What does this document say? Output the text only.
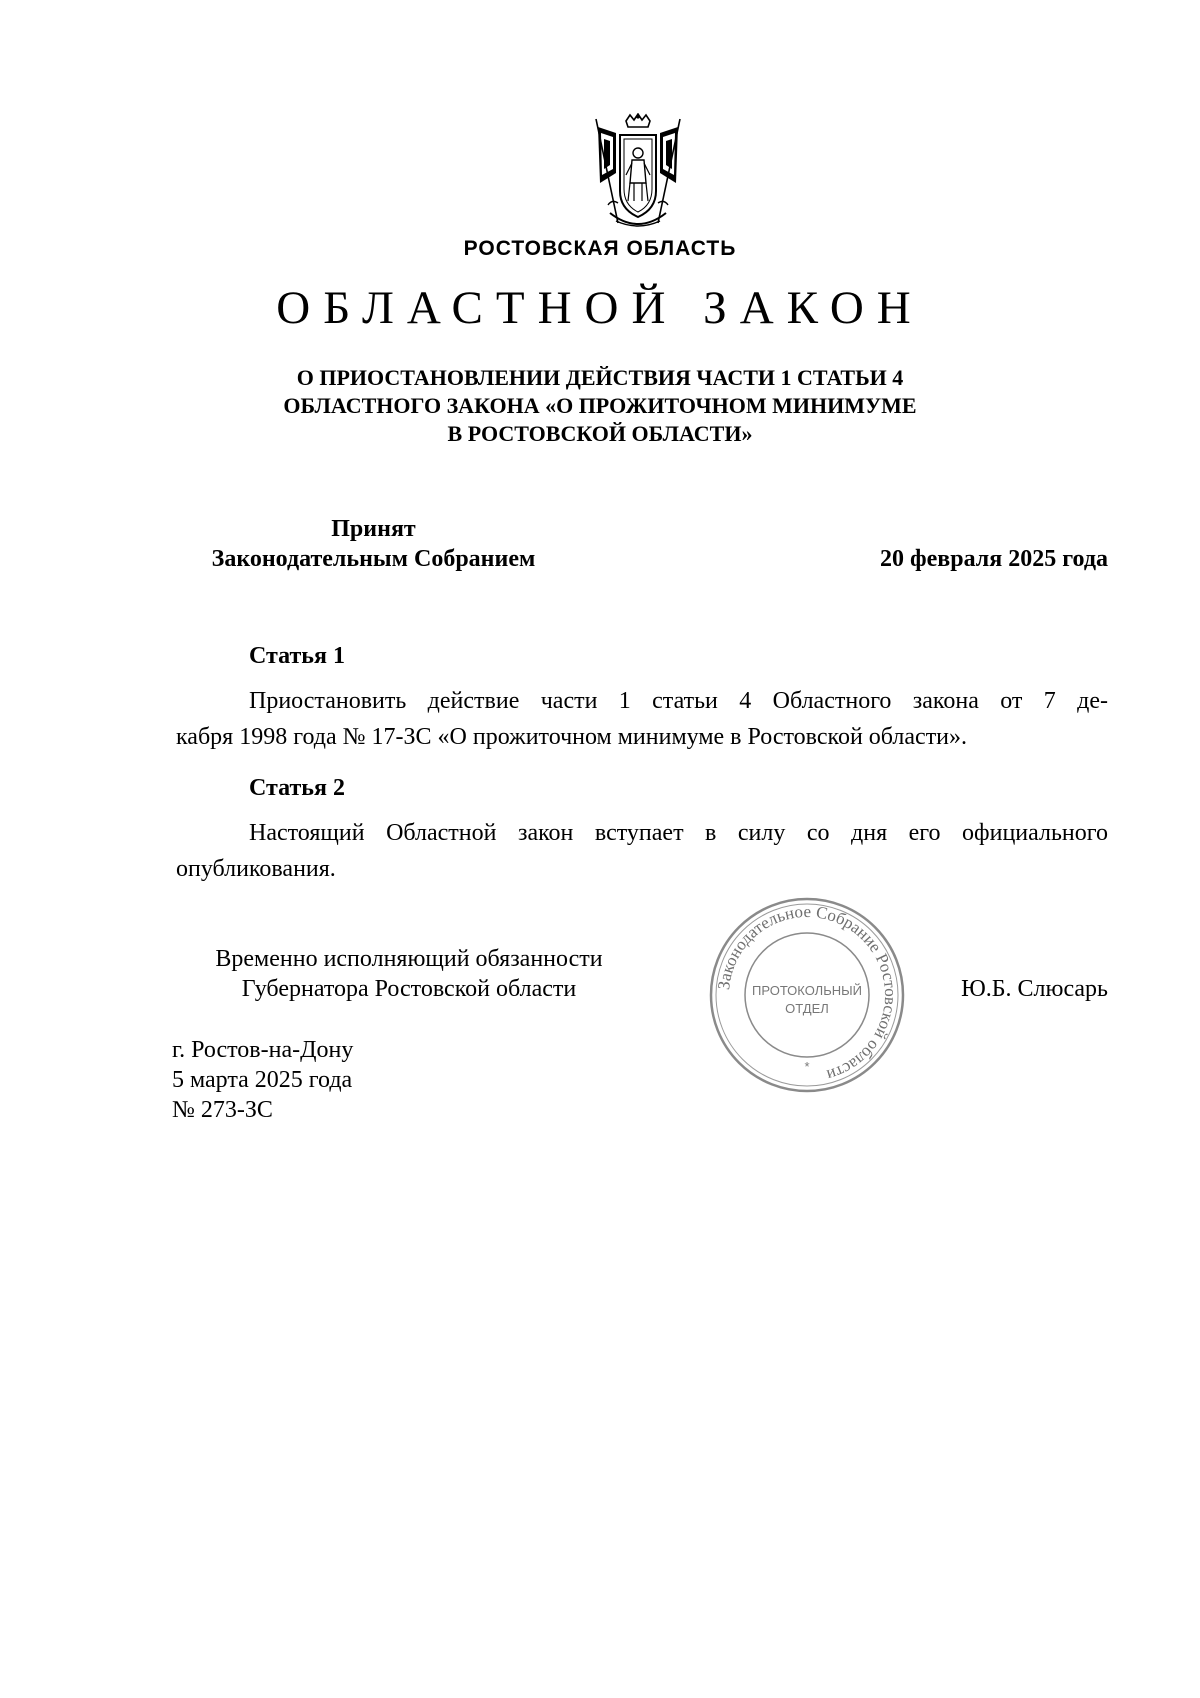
РОСТОВСКАЯ ОБЛАСТЬ
ОБЛАСТНОЙ ЗАКОН
О ПРИОСТАНОВЛЕНИИ ДЕЙСТВИЯ ЧАСТИ 1 СТАТЬИ 4
ОБЛАСТНОГО ЗАКОНА «О ПРОЖИТОЧНОМ МИНИМУМЕ
В РОСТОВСКОЙ ОБЛАСТИ»
Принят
Законодательным Собранием	20 февраля 2025 года
Статья 1
Приостановить действие части 1 статьи 4 Областного закона от 7 де-
кабря 1998 года № 17-ЗС «О прожиточном минимуме в Ростовской области».
Статья 2
Настоящий Областной закон вступает в силу со дня его официального
опубликования.
Временно исполняющий обязанности
Губернатора Ростовской области	Законодательное Собрание Ростовской области
ПРОТОКОЛЬНЫЙ
ОТДЕЛ
*
Ю.Б. Слюсарь
г. Ростов-на-Дону
5 марта 2025 года
№ 273-ЗС
